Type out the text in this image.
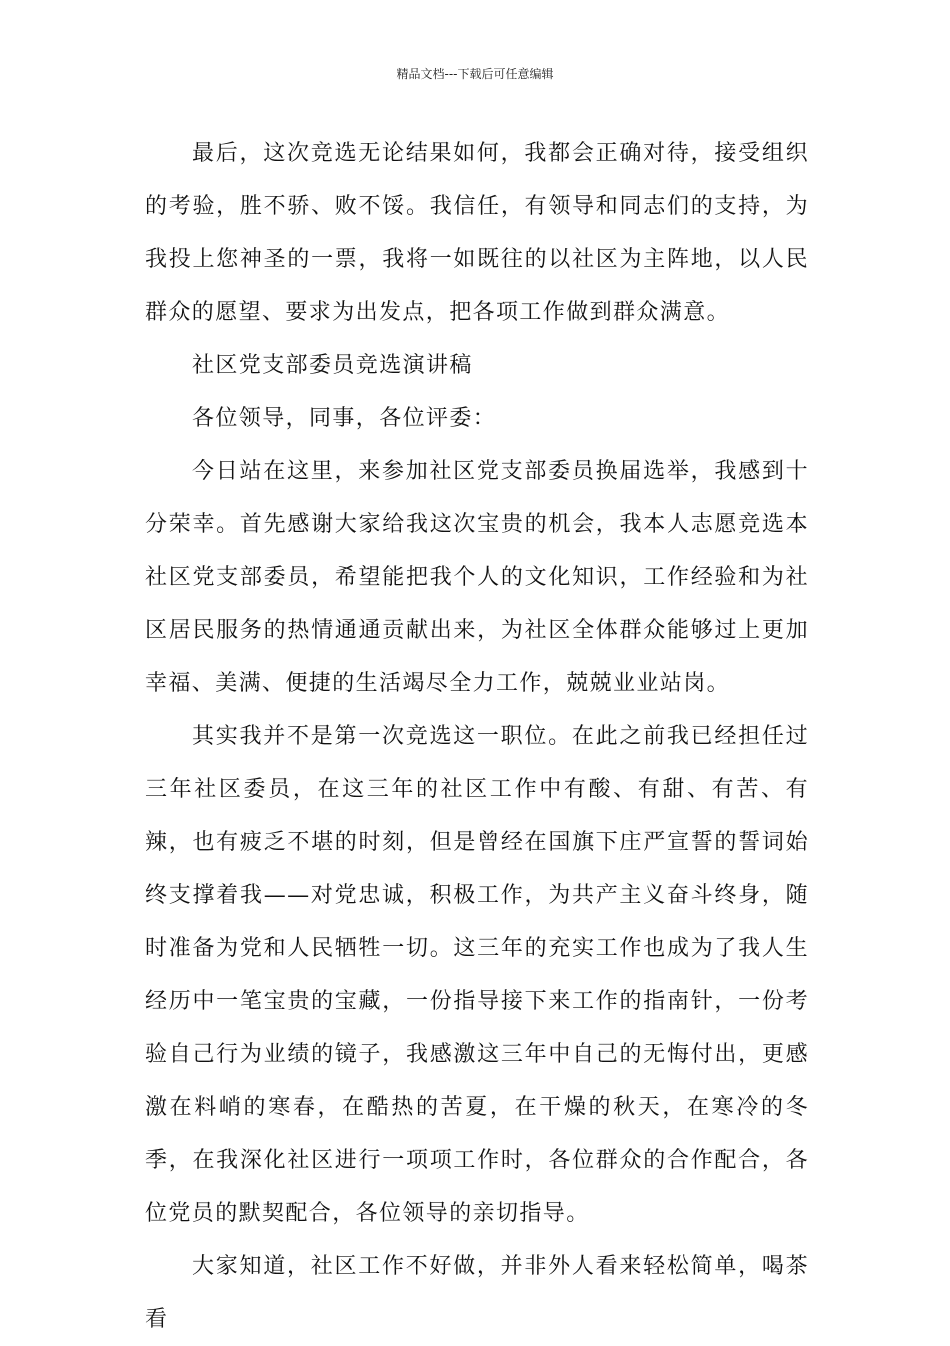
精品文档---下载后可任意编辑

最后，这次竞选无论结果如何，我都会正确对待，接受组织的考验，胜不骄、败不馁。我信任，有领导和同志们的支持，为我投上您神圣的一票，我将一如既往的以社区为主阵地，以人民群众的愿望、要求为出发点，把各项工作做到群众满意。

社区党支部委员竞选演讲稿

各位领导，同事，各位评委：

今日站在这里，来参加社区党支部委员换届选举，我感到十分荣幸。首先感谢大家给我这次宝贵的机会，我本人志愿竞选本社区党支部委员，希望能把我个人的文化知识，工作经验和为社区居民服务的热情通通贡献出来，为社区全体群众能够过上更加幸福、美满、便捷的生活竭尽全力工作，兢兢业业站岗。

其实我并不是第一次竞选这一职位。在此之前我已经担任过三年社区委员，在这三年的社区工作中有酸、有甜、有苦、有辣，也有疲乏不堪的时刻，但是曾经在国旗下庄严宣誓的誓词始终支撑着我——对党忠诚，积极工作，为共产主义奋斗终身，随时准备为党和人民牺牲一切。这三年的充实工作也成为了我人生经历中一笔宝贵的宝藏，一份指导接下来工作的指南针，一份考验自己行为业绩的镜子，我感激这三年中自己的无悔付出，更感激在料峭的寒春，在酷热的苦夏，在干燥的秋天，在寒冷的冬季，在我深化社区进行一项项工作时，各位群众的合作配合，各位党员的默契配合，各位领导的亲切指导。

大家知道，社区工作不好做，并非外人看来轻松简单，喝茶看
